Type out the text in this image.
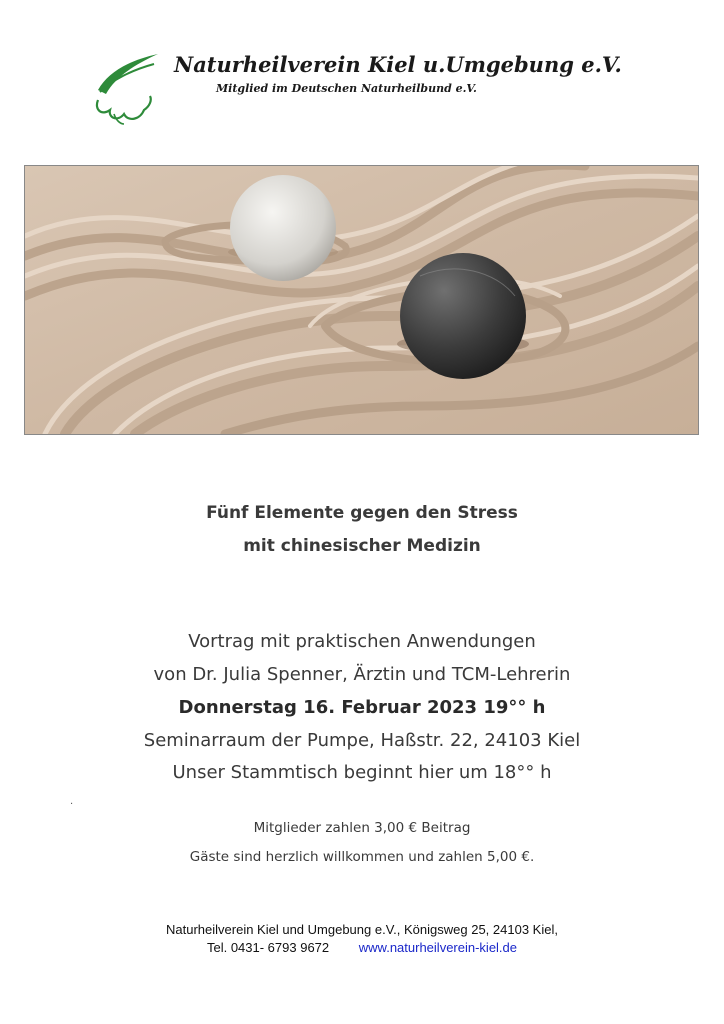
Naturheilverein Kiel u.Umgebung e.V.
Mitglied im Deutschen Naturheilbund e.V.
Fünf Elemente gegen den Stress
mit chinesischer Medizin
Vortrag mit praktischen Anwendungen
von Dr. Julia Spenner, Ärztin und TCM-Lehrerin
Donnerstag 16. Februar 2023 19°° h
Seminarraum der Pumpe, Haßstr. 22, 24103 Kiel
Unser Stammtisch beginnt hier um 18°° h
.
Mitglieder zahlen 3,00 € Beitrag
Gäste sind herzlich willkommen und zahlen 5,00 €.
Naturheilverein Kiel und Umgebung e.V., Königsweg 25, 24103 Kiel,
Tel. 0431- 6793 9672 www.naturheilverein-kiel.de
